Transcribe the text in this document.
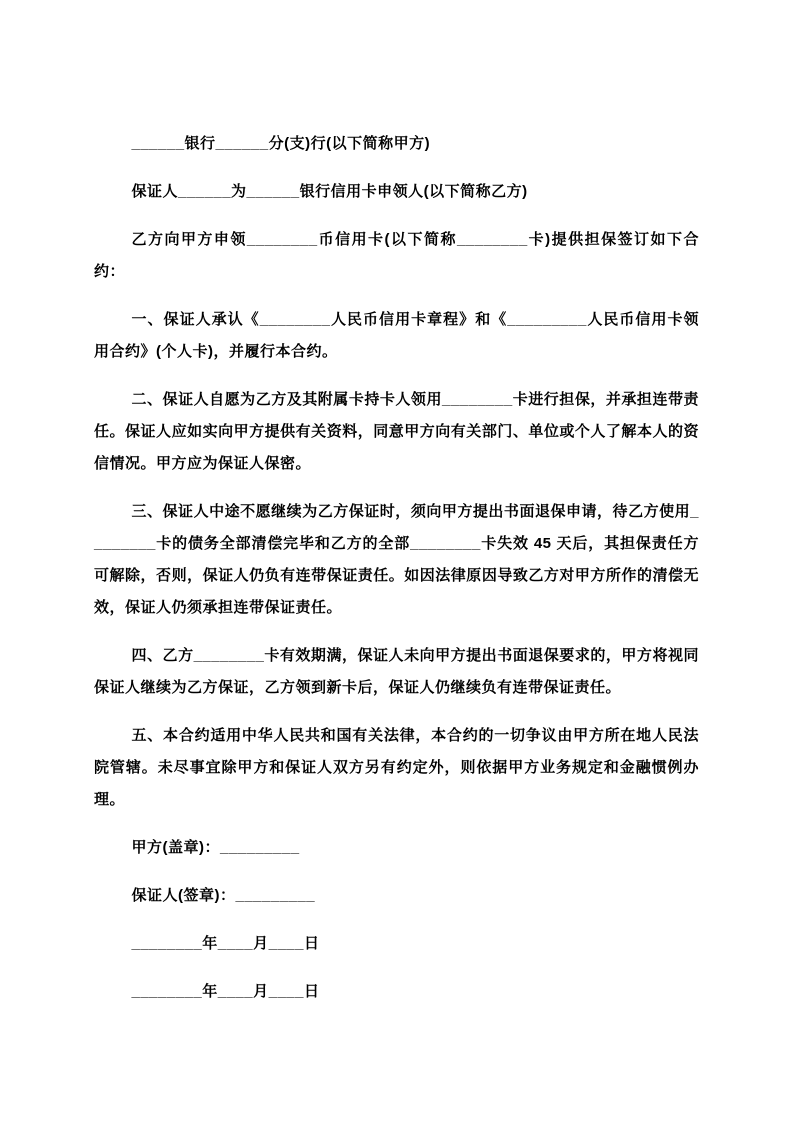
______银行______分(支)行(以下简称甲方)

保证人______为______银行信用卡申领人(以下简称乙方)

乙方向甲方申领________币信用卡(以下简称________卡)提供担保签订如下合约：

一、保证人承认《________人民币信用卡章程》和《_________人民币信用卡领用合约》(个人卡)，并履行本合约。

二、保证人自愿为乙方及其附属卡持卡人领用________卡进行担保，并承担连带责任。保证人应如实向甲方提供有关资料，同意甲方向有关部门、单位或个人了解本人的资信情况。甲方应为保证人保密。

三、保证人中途不愿继续为乙方保证时，须向甲方提出书面退保申请，待乙方使用________卡的债务全部清偿完毕和乙方的全部________卡失效 45 天后，其担保责任方可解除，否则，保证人仍负有连带保证责任。如因法律原因导致乙方对甲方所作的清偿无效，保证人仍须承担连带保证责任。

四、乙方________卡有效期满，保证人未向甲方提出书面退保要求的，甲方将视同保证人继续为乙方保证，乙方领到新卡后，保证人仍继续负有连带保证责任。

五、本合约适用中华人民共和国有关法律，本合约的一切争议由甲方所在地人民法院管辖。未尽事宜除甲方和保证人双方另有约定外，则依据甲方业务规定和金融惯例办理。

甲方(盖章)：_________

保证人(签章)：_________

________年____月____日

________年____月____日
